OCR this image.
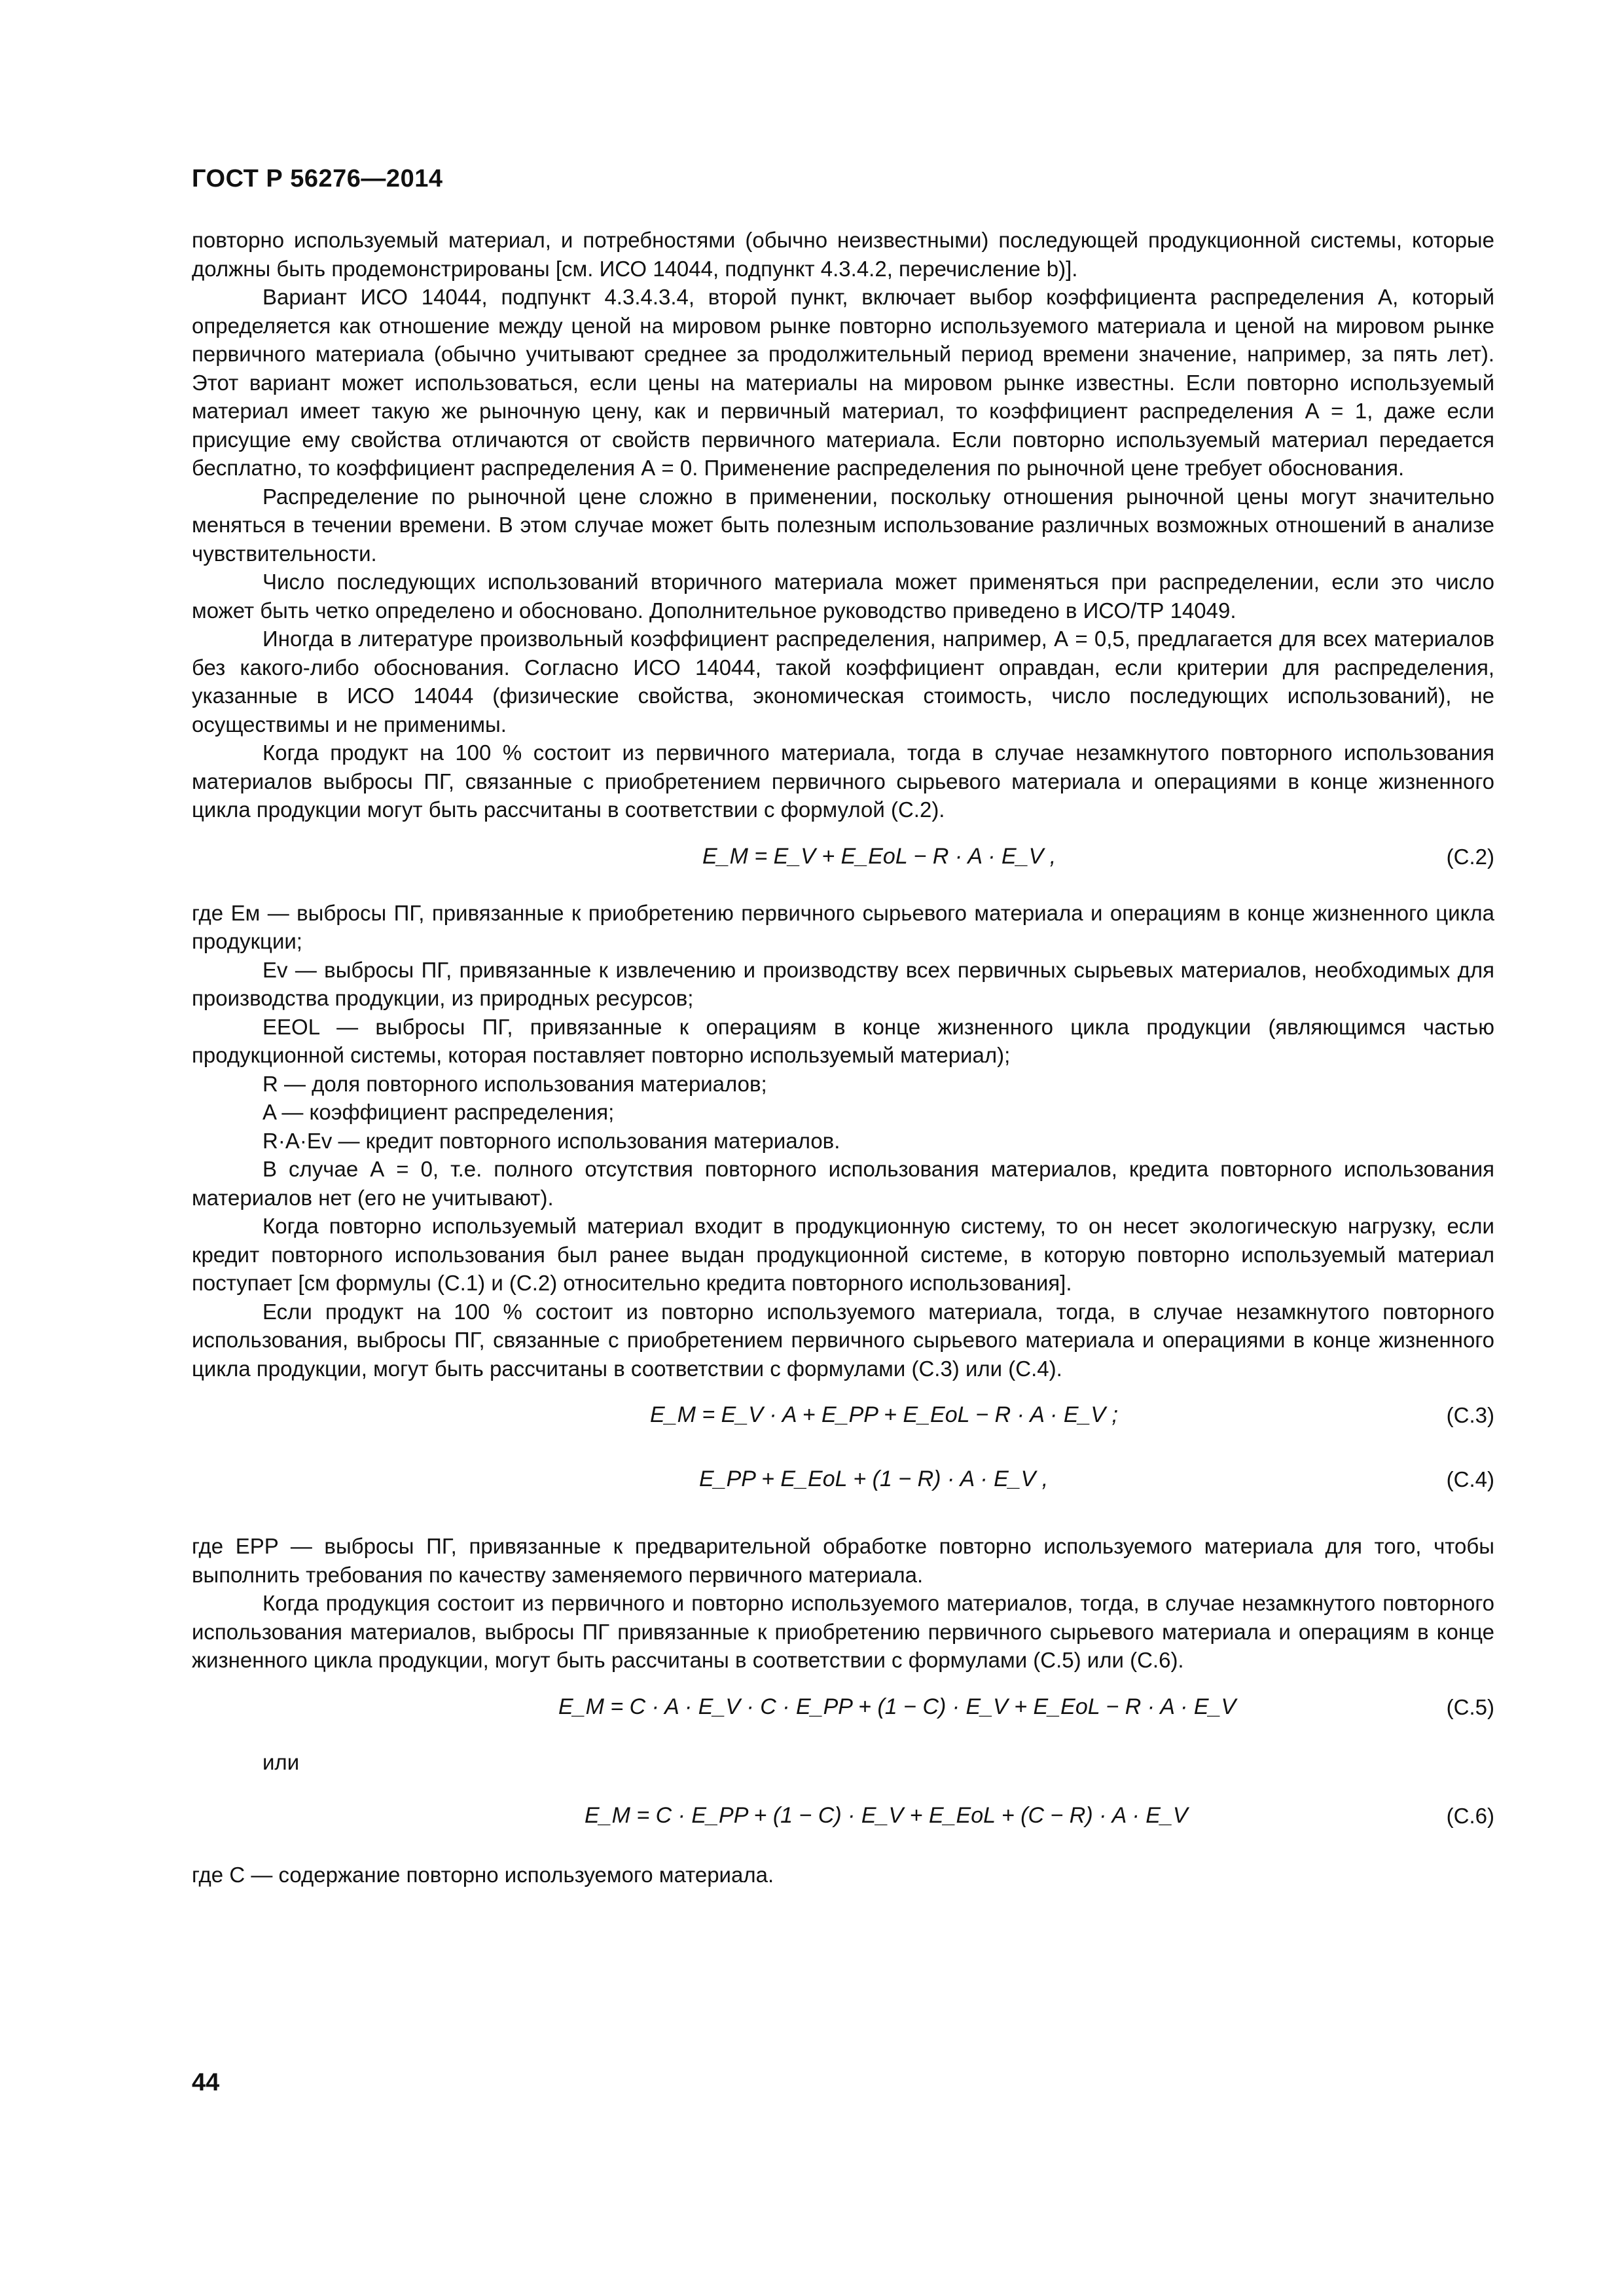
ГОСТ Р 56276—2014

повторно используемый материал, и потребностями (обычно неизвестными) последующей продукционной системы, которые должны быть продемонстрированы [см. ИСО 14044, подпункт 4.3.4.2, перечисление b)].

Вариант ИСО 14044, подпункт 4.3.4.3.4, второй пункт, включает выбор коэффициента распределения А, который определяется как отношение между ценой на мировом рынке повторно используемого материала и ценой на мировом рынке первичного материала (обычно учитывают среднее за продолжительный период времени значение, например, за пять лет). Этот вариант может использоваться, если цены на материалы на мировом рынке известны. Если повторно используемый материал имеет такую же рыночную цену, как и первичный материал, то коэффициент распределения А = 1, даже если присущие ему свойства отличаются от свойств первичного материала. Если повторно используемый материал передается бесплатно, то коэффициент распределения А = 0. Применение распределения по рыночной цене требует обоснования.

Распределение по рыночной цене сложно в применении, поскольку отношения рыночной цены могут значительно меняться в течении времени. В этом случае может быть полезным использование различных возможных отношений в анализе чувствительности.

Число последующих использований вторичного материала может применяться при распределении, если это число может быть четко определено и обосновано. Дополнительное руководство приведено в ИСО/ТР 14049.

Иногда в литературе произвольный коэффициент распределения, например, А = 0,5, предлагается для всех материалов без какого-либо обоснования. Согласно ИСО 14044, такой коэффициент оправдан, если критерии для распределения, указанные в ИСО 14044 (физические свойства, экономическая стоимость, число последующих использований), не осуществимы и не применимы.

Когда продукт на 100 % состоит из первичного материала, тогда в случае незамкнутого повторного использования материалов выбросы ПГ, связанные с приобретением первичного сырьевого материала и операциями в конце жизненного цикла продукции могут быть рассчитаны в соответствии с формулой (С.2).

E_M = E_V + E_EoL − R · A · E_V ,	(С.2)

где Eм — выбросы ПГ, привязанные к приобретению первичного сырьевого материала и операциям в конце жизненного цикла продукции;

Ev — выбросы ПГ, привязанные к извлечению и производству всех первичных сырьевых материалов, необходимых для производства продукции, из природных ресурсов;

EEOL — выбросы ПГ, привязанные к операциям в конце жизненного цикла продукции (являющимся частью продукционной системы, которая поставляет повторно используемый материал);

R — доля повторного использования материалов;

A — коэффициент распределения;

R·A·Ev — кредит повторного использования материалов.

В случае А = 0, т.е. полного отсутствия повторного использования материалов, кредита повторного использования материалов нет (его не учитывают).

Когда повторно используемый материал входит в продукционную систему, то он несет экологическую нагрузку, если кредит повторного использования был ранее выдан продукционной системе, в которую повторно используемый материал поступает [см формулы (С.1) и (С.2) относительно кредита повторного использования].

Если продукт на 100 % состоит из повторно используемого материала, тогда, в случае незамкнутого повторного использования, выбросы ПГ, связанные с приобретением первичного сырьевого материала и операциями в конце жизненного цикла продукции, могут быть рассчитаны в соответствии с формулами (С.3) или (С.4).

E_M = E_V · A + E_PP + E_EoL − R · A · E_V ;	(С.3)
E_PP + E_EoL + (1 − R) · A · E_V ,	(С.4)

где EPP — выбросы ПГ, привязанные к предварительной обработке повторно используемого материала для того, чтобы выполнить требования по качеству заменяемого первичного материала.

Когда продукция состоит из первичного и повторно используемого материалов, тогда, в случае незамкнутого повторного использования материалов, выбросы ПГ привязанные к приобретению первичного сырьевого материала и операциям в конце жизненного цикла продукции, могут быть рассчитаны в соответствии с формулами (С.5) или (С.6).

E_M = C · A · E_V · C · E_PP + (1 − C) · E_V + E_EoL − R · A · E_V	(С.5)
или
E_M = C · E_PP + (1 − C) · E_V + E_EoL + (C − R) · A · E_V	(С.6)

где С — содержание повторно используемого материала.

44
